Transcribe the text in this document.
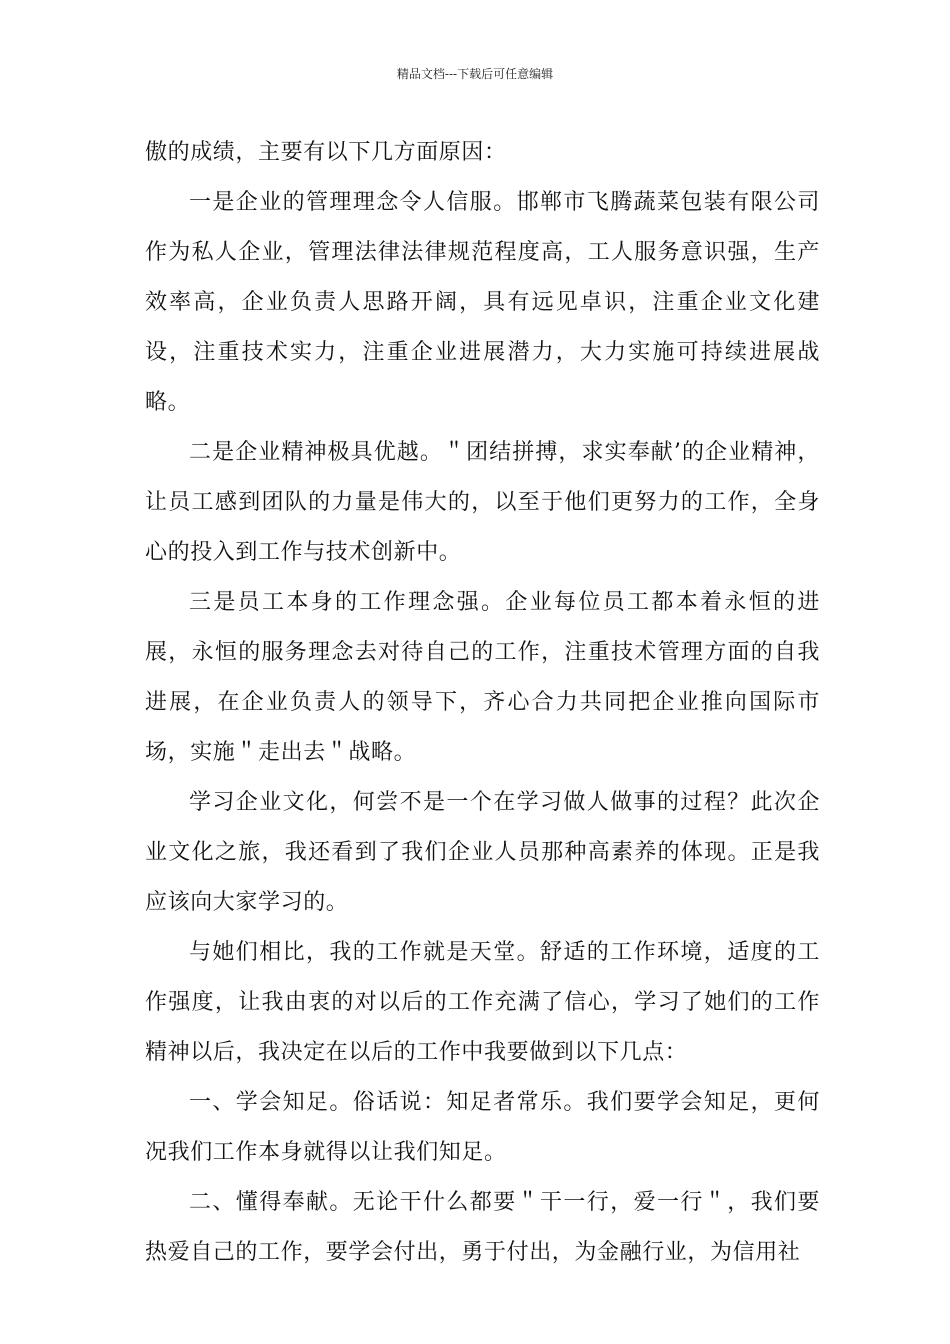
精品文档---下载后可任意编辑

傲的成绩，主要有以下几方面原因：

一是企业的管理理念令人信服。邯郸市飞腾蔬菜包装有限公司作为私人企业，管理法律法律规范程度高，工人服务意识强，生产效率高，企业负责人思路开阔，具有远见卓识，注重企业文化建设，注重技术实力，注重企业进展潜力，大力实施可持续进展战略。

二是企业精神极具优越。＂团结拼搏，求实奉献’的企业精神，让员工感到团队的力量是伟大的，以至于他们更努力的工作，全身心的投入到工作与技术创新中。

三是员工本身的工作理念强。企业每位员工都本着永恒的进展，永恒的服务理念去对待自己的工作，注重技术管理方面的自我进展，在企业负责人的领导下，齐心合力共同把企业推向国际市场，实施＂走出去＂战略。

学习企业文化，何尝不是一个在学习做人做事的过程？此次企业文化之旅，我还看到了我们企业人员那种高素养的体现。正是我应该向大家学习的。

与她们相比，我的工作就是天堂。舒适的工作环境，适度的工作强度，让我由衷的对以后的工作充满了信心，学习了她们的工作精神以后，我决定在以后的工作中我要做到以下几点：

一、学会知足。俗话说：知足者常乐。我们要学会知足，更何况我们工作本身就得以让我们知足。

二、懂得奉献。无论干什么都要＂干一行，爱一行＂，我们要热爱自己的工作，要学会付出，勇于付出，为金融行业，为信用社
